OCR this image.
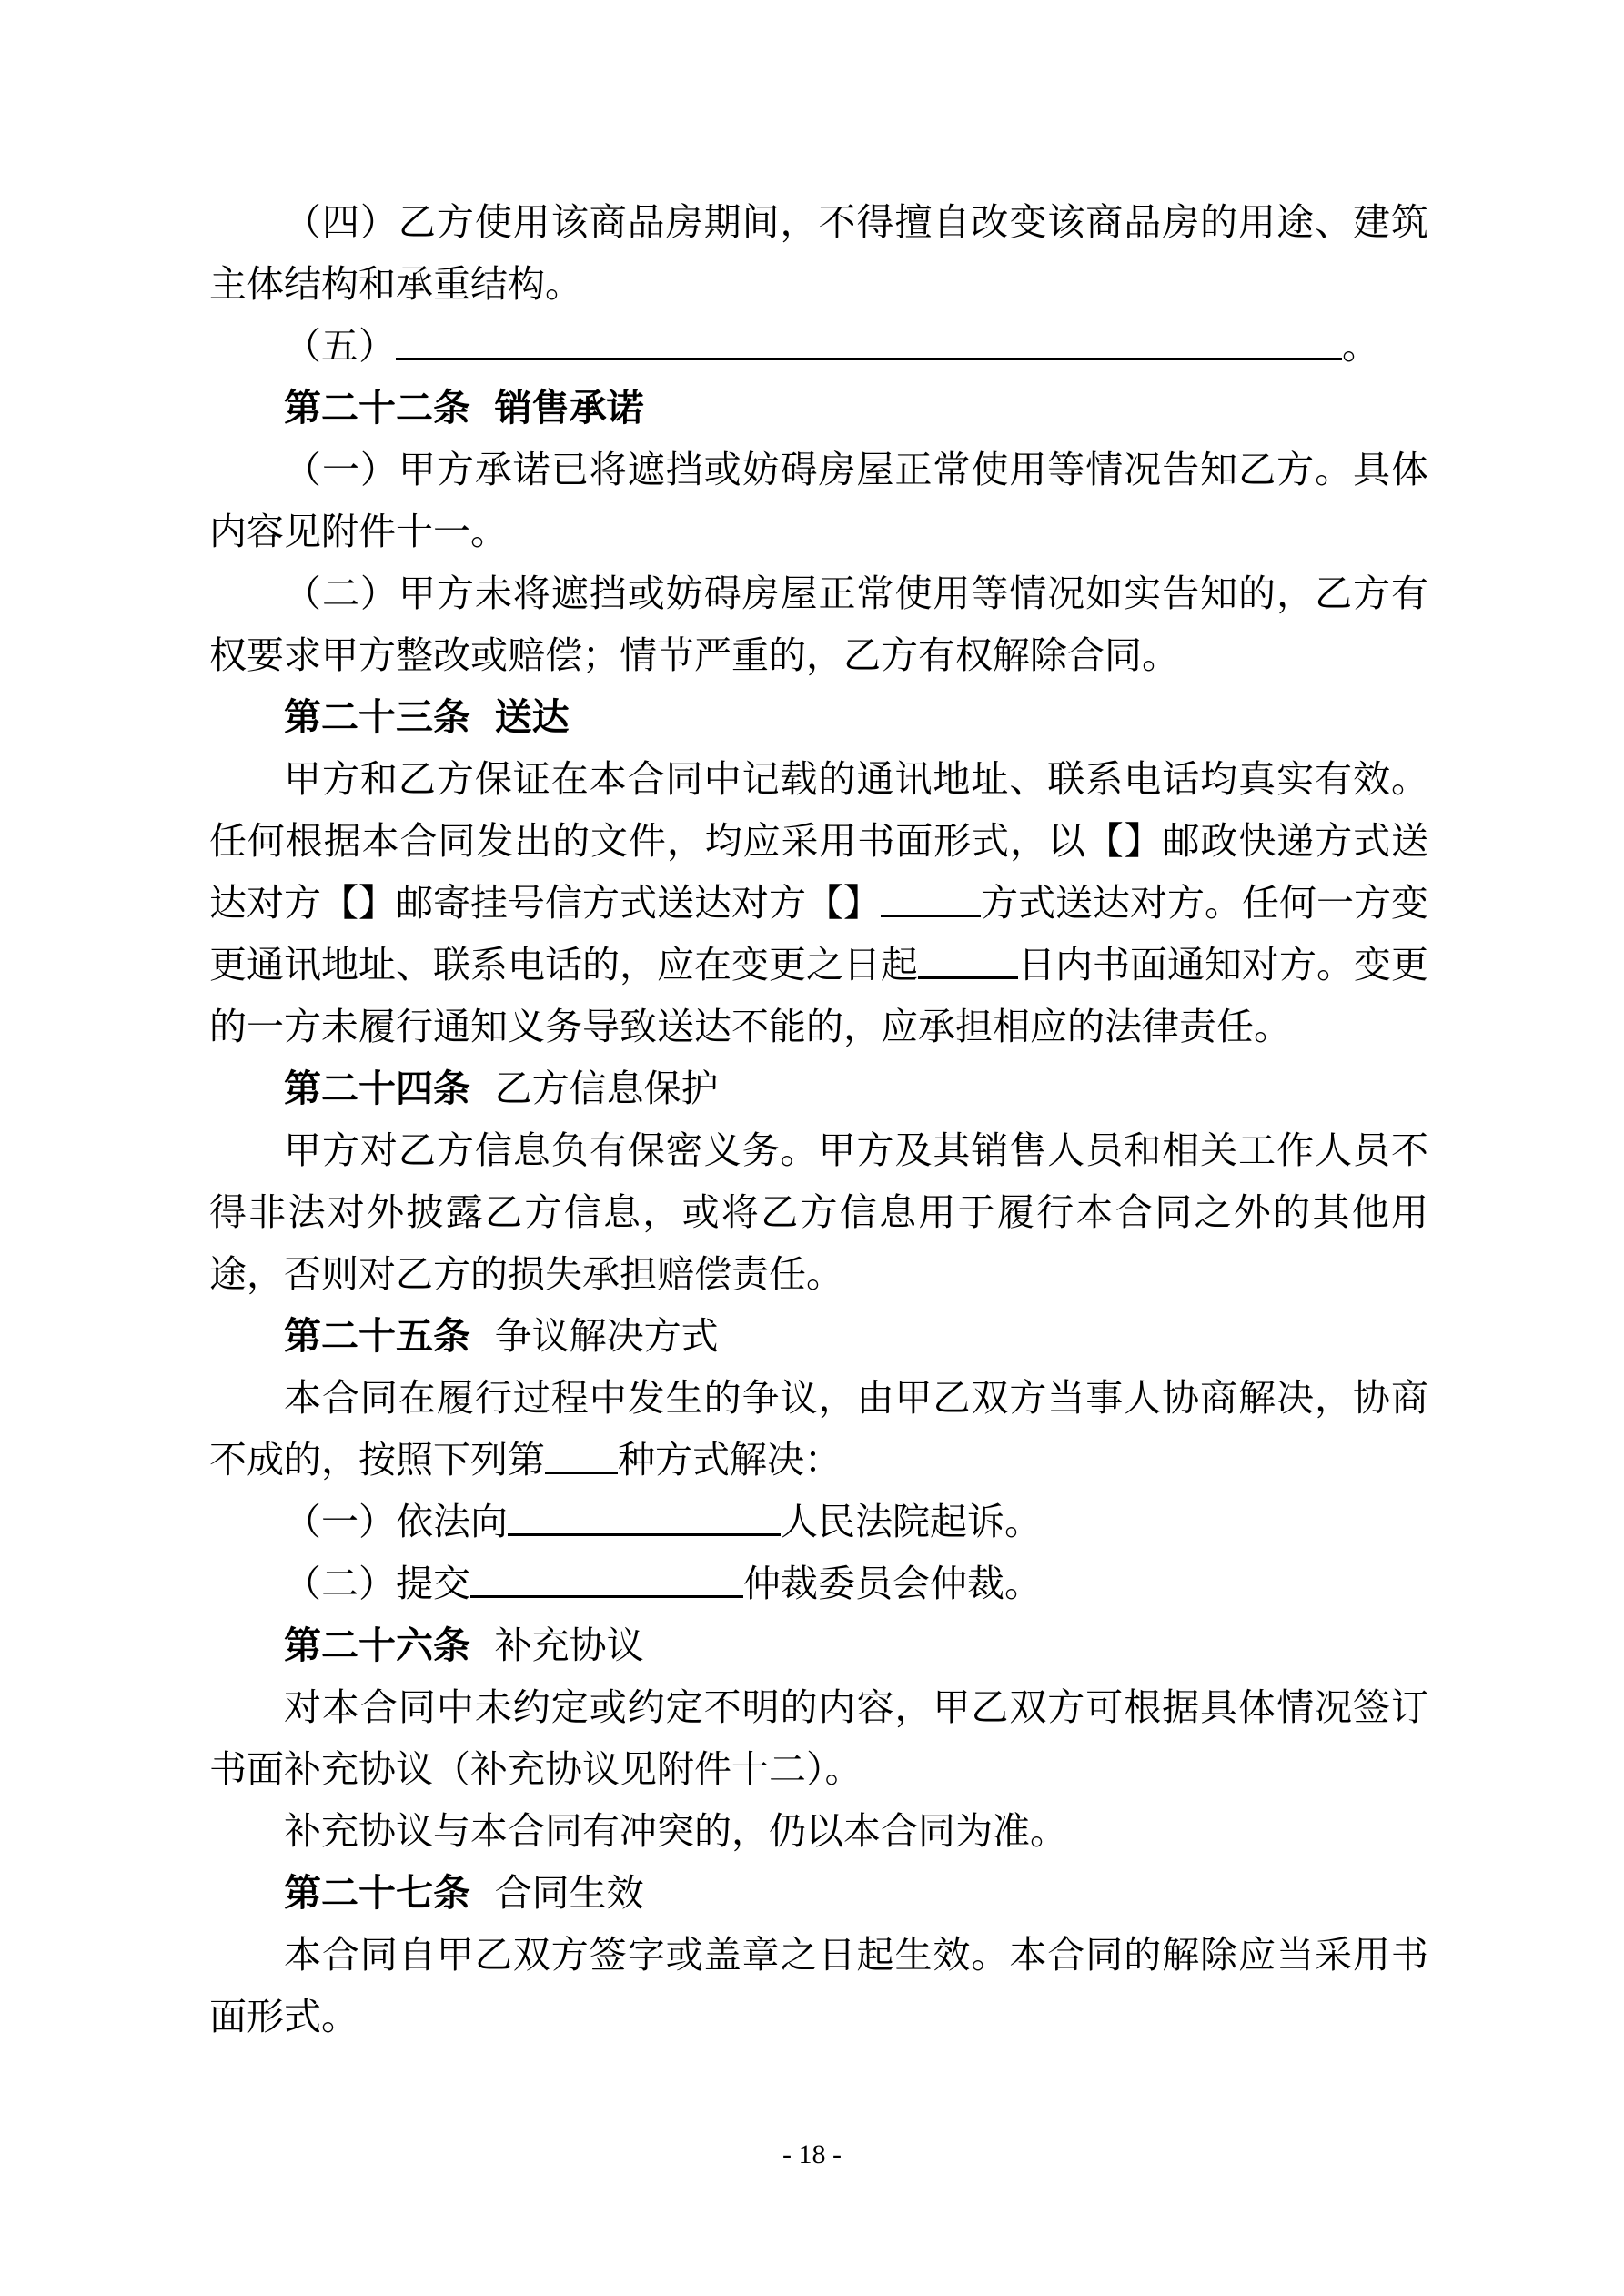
（四）乙方使用该商品房期间，不得擅自改变该商品房的用途、建筑主体结构和承重结构。

（五）	。

第二十二条 销售承诺

（一）甲方承诺已将遮挡或妨碍房屋正常使用等情况告知乙方。具体内容见附件十一。

（二）甲方未将遮挡或妨碍房屋正常使用等情况如实告知的，乙方有权要求甲方整改或赔偿；情节严重的，乙方有权解除合同。

第二十三条 送达

甲方和乙方保证在本合同中记载的通讯地址、联系电话均真实有效。任何根据本合同发出的文件，均应采用书面形式，以【】邮政快递方式送达对方【】邮寄挂号信方式送达对方【】	方式送达对方。任何一方变更通讯地址、联系电话的，应在变更之日起	日内书面通知对方。变更的一方未履行通知义务导致送达不能的，应承担相应的法律责任。

第二十四条 乙方信息保护

甲方对乙方信息负有保密义务。甲方及其销售人员和相关工作人员不得非法对外披露乙方信息，或将乙方信息用于履行本合同之外的其他用途，否则对乙方的损失承担赔偿责任。

第二十五条 争议解决方式

本合同在履行过程中发生的争议，由甲乙双方当事人协商解决，协商不成的，按照下列第 种方式解决：

（一）依法向	人民法院起诉。

（二）提交	仲裁委员会仲裁。

第二十六条 补充协议

对本合同中未约定或约定不明的内容，甲乙双方可根据具体情况签订书面补充协议（补充协议见附件十二）。

补充协议与本合同有冲突的，仍以本合同为准。

第二十七条 合同生效

本合同自甲乙双方签字或盖章之日起生效。本合同的解除应当采用书面形式。

- 18 -
